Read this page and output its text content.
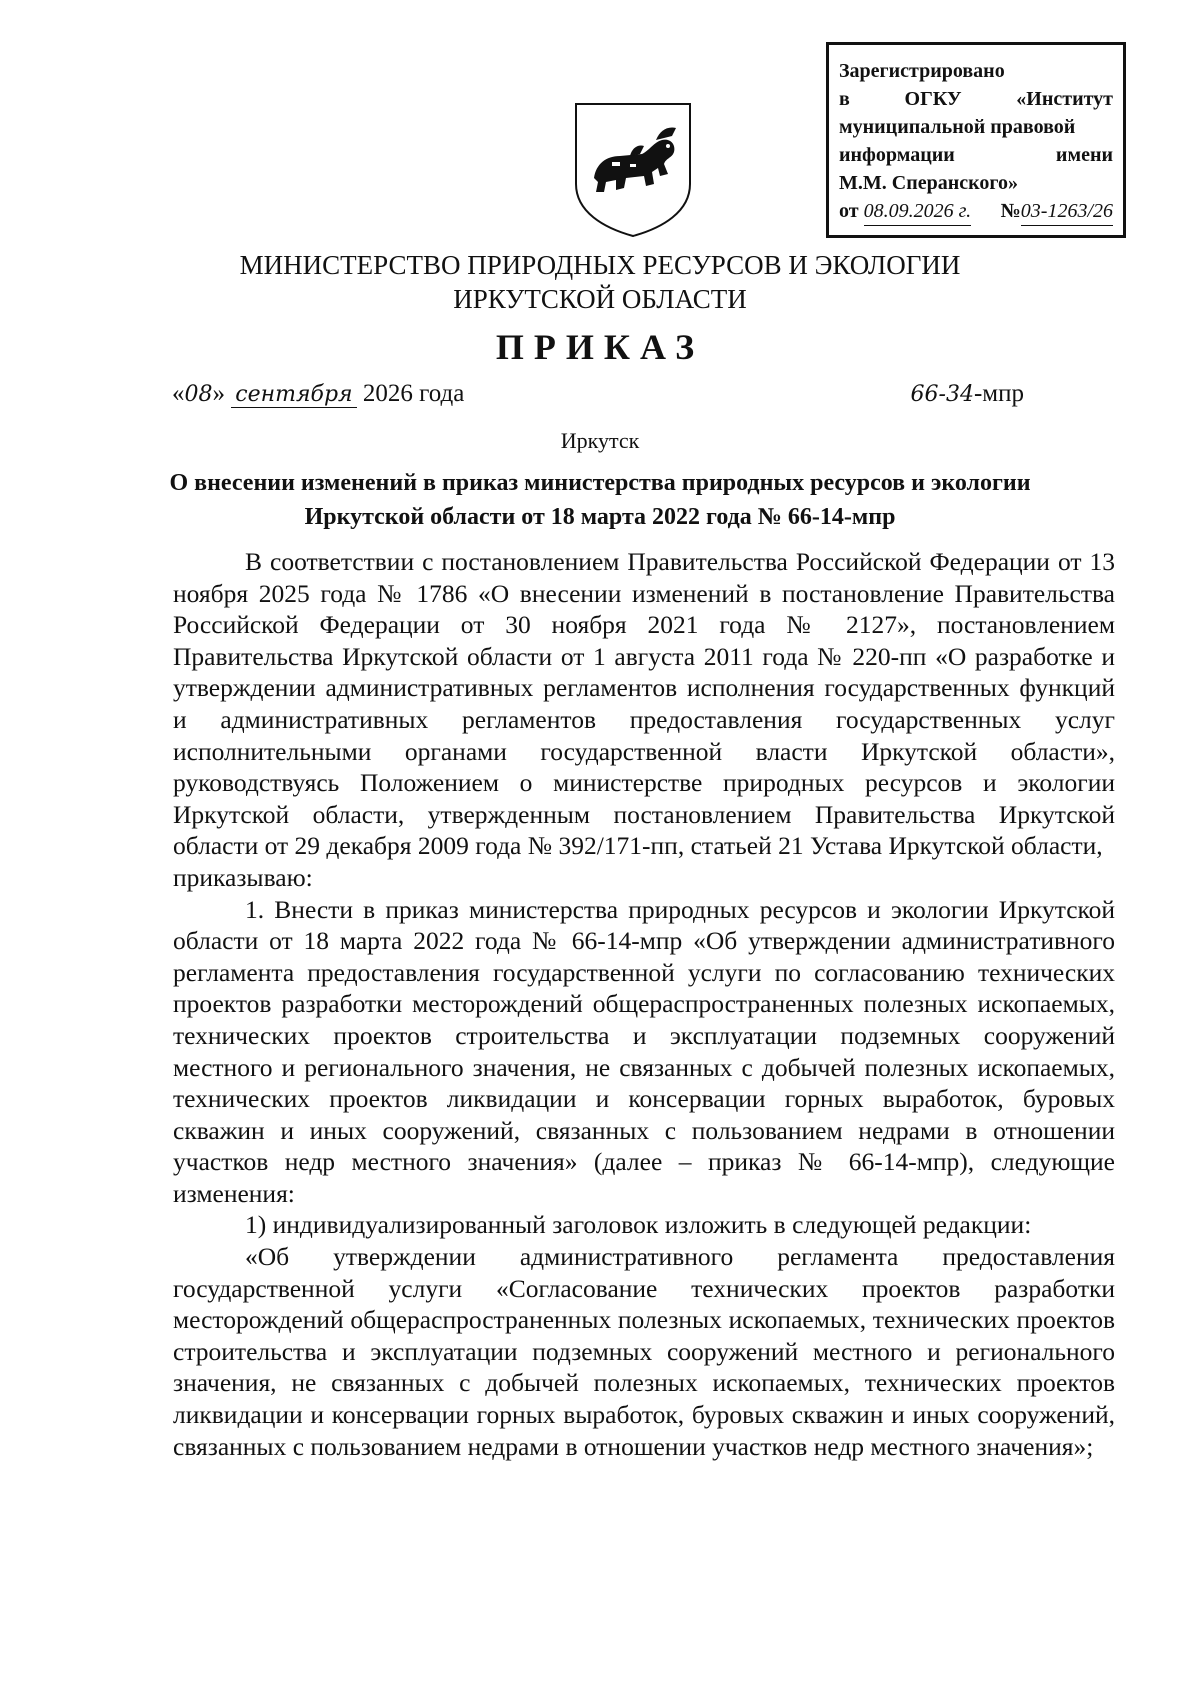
Зарегистрировано
в	ОГКУ	«Институт
муниципальной правовой
информации	имени
М.М. Сперанского»
от 08.09.2026 г. №03-1263/26
МИНИСТЕРСТВО ПРИРОДНЫХ РЕСУРСОВ И ЭКОЛОГИИ
ИРКУТСКОЙ ОБЛАСТИ
ПРИКАЗ
«08» сентября 2026 года	66-34-мпр
Иркутск
О внесении изменений в приказ министерства природных ресурсов и экологии Иркутской области от 18 марта 2022 года № 66-14-мпр

В соответствии с постановлением Правительства Российской Федерации от 13 ноября 2025 года № 1786 «О внесении изменений в постановление Правительства Российской Федерации от 30 ноября 2021 года № 2127», постановлением Правительства Иркутской области от 1 августа 2011 года № 220-пп «О разработке и утверждении административных регламентов исполнения государственных функций и административных регламентов предоставления государственных услуг исполнительными органами государственной власти Иркутской области», руководствуясь Положением о министерстве природных ресурсов и экологии Иркутской области, утвержденным постановлением Правительства Иркутской области от 29 декабря 2009 года № 392/171-пп, статьей 21 Устава Иркутской области,

приказываю:

1. Внести в приказ министерства природных ресурсов и экологии Иркутской области от 18 марта 2022 года № 66-14-мпр «Об утверждении административного регламента предоставления государственной услуги по согласованию технических проектов разработки месторождений общераспространенных полезных ископаемых, технических проектов строительства и эксплуатации подземных сооружений местного и регионального значения, не связанных с добычей полезных ископаемых, технических проектов ликвидации и консервации горных выработок, буровых скважин и иных сооружений, связанных с пользованием недрами в отношении участков недр местного значения» (далее – приказ № 66-14-мпр), следующие изменения:

1) индивидуализированный заголовок изложить в следующей редакции:

«Об утверждении административного регламента предоставления государственной услуги «Согласование технических проектов разработки месторождений общераспространенных полезных ископаемых, технических проектов строительства и эксплуатации подземных сооружений местного и регионального значения, не связанных с добычей полезных ископаемых, технических проектов ликвидации и консервации горных выработок, буровых скважин и иных сооружений, связанных с пользованием недрами в отношении участков недр местного значения»;
